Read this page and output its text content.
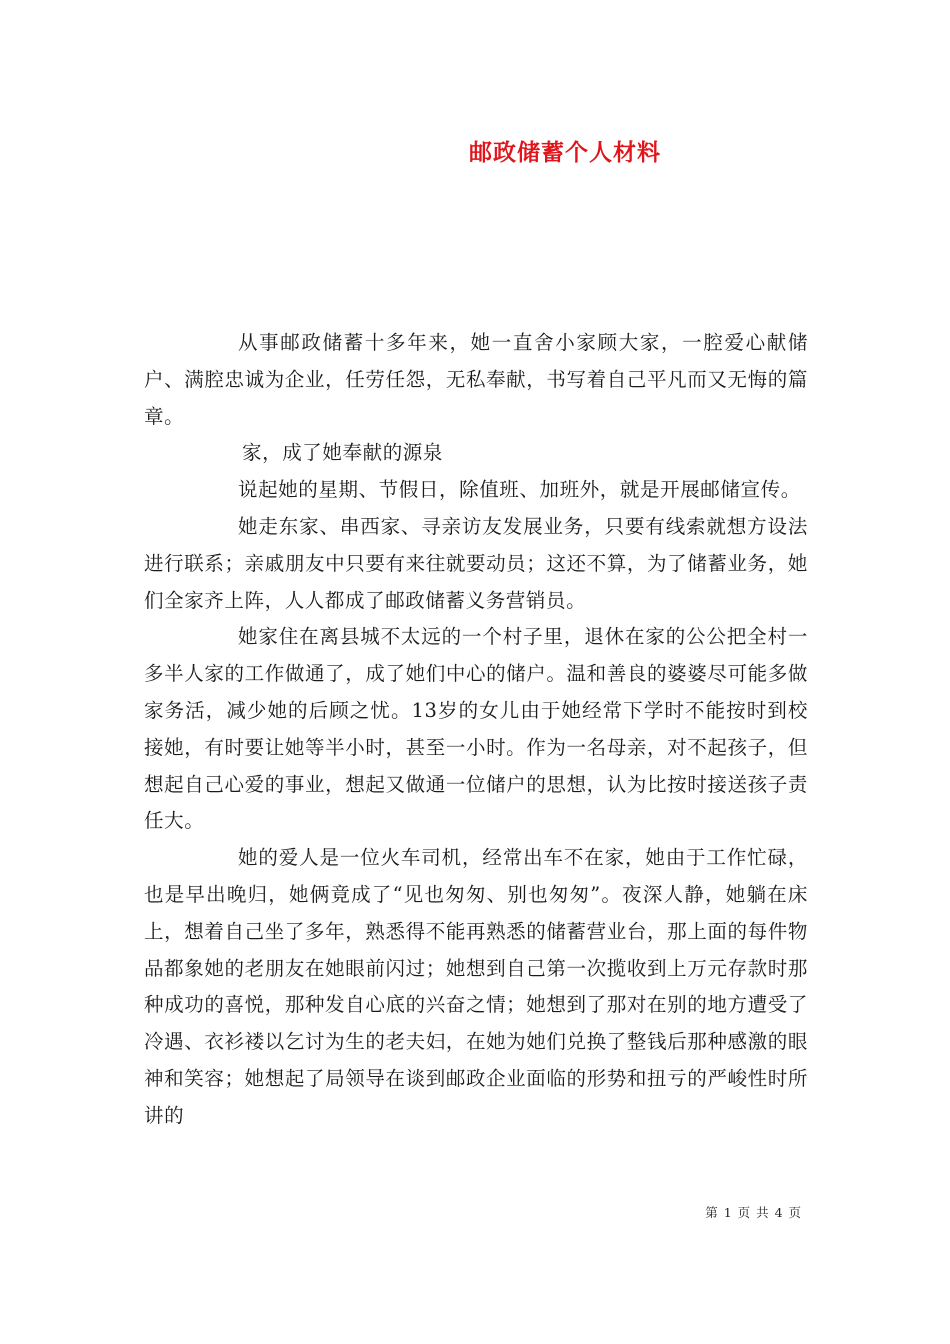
邮政储蓄个人材料

从事邮政储蓄十多年来，她一直舍小家顾大家，一腔爱心献储户、满腔忠诚为企业，任劳任怨，无私奉献，书写着自己平凡而又无悔的篇章。

家，成了她奉献的源泉

说起她的星期、节假日，除值班、加班外，就是开展邮储宣传。

她走东家、串西家、寻亲访友发展业务，只要有线索就想方设法进行联系；亲戚朋友中只要有来往就要动员；这还不算，为了储蓄业务，她们全家齐上阵，人人都成了邮政储蓄义务营销员。

她家住在离县城不太远的一个村子里，退休在家的公公把全村一多半人家的工作做通了，成了她们中心的储户。温和善良的婆婆尽可能多做家务活，减少她的后顾之忧。13岁的女儿由于她经常下学时不能按时到校接她，有时要让她等半小时，甚至一小时。作为一名母亲，对不起孩子，但想起自己心爱的事业，想起又做通一位储户的思想，认为比按时接送孩子责任大。

她的爱人是一位火车司机，经常出车不在家，她由于工作忙碌，也是早出晚归，她俩竟成了“见也匆匆、别也匆匆”。夜深人静，她躺在床上，想着自己坐了多年，熟悉得不能再熟悉的储蓄营业台，那上面的每件物品都象她的老朋友在她眼前闪过；她想到自己第一次揽收到上万元存款时那种成功的喜悦，那种发自心底的兴奋之情；她想到了那对在别的地方遭受了冷遇、衣衫褛以乞讨为生的老夫妇，在她为她们兑换了整钱后那种感激的眼神和笑容；她想起了局领导在谈到邮政企业面临的形势和扭亏的严峻性时所讲的

第 1 页 共 4 页
